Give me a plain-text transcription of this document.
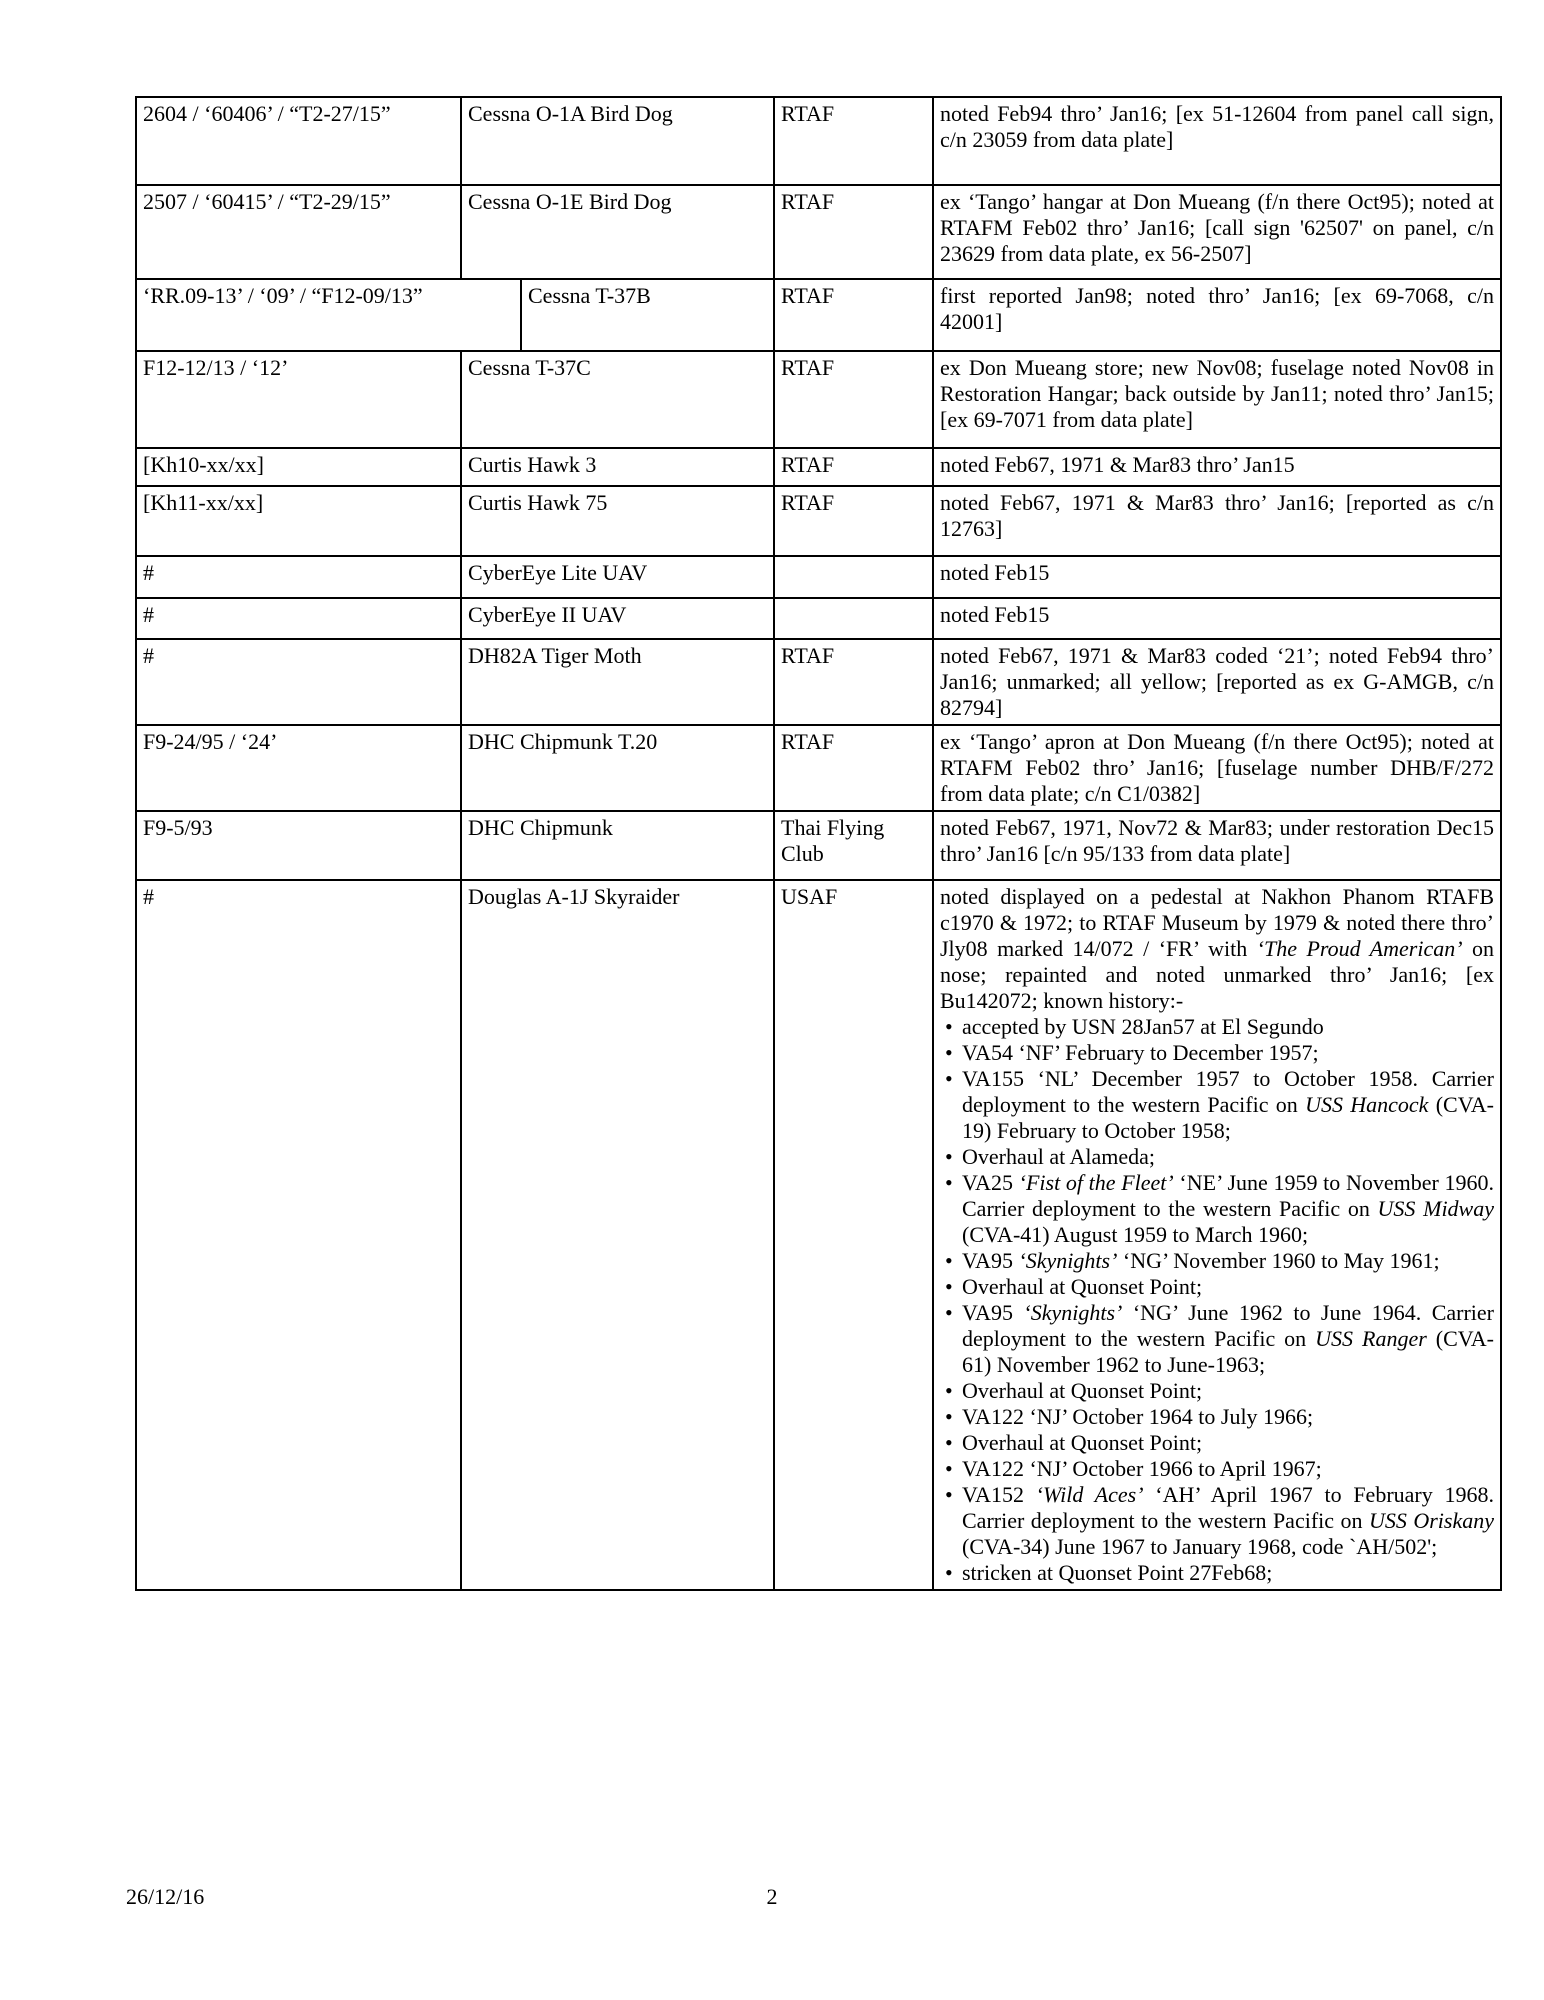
2604 / ‘60406’ / “T2-27/15”	Cessna O-1A Bird Dog		RTAF	noted Feb94 thro’ Jan16; [ex 51-12604 from panel call sign, c/n 23059 from data plate]

2507 / ‘60415’ / “T2-29/15”	Cessna O-1E Bird Dog		RTAF	ex ‘Tango’ hangar at Don Mueang (f/n there Oct95); noted at RTAFM Feb02 thro’ Jan16; [call sign '62507' on panel, c/n 23629 from data plate, ex 56-2507]

‘RR.09-13’ / ‘09’ / “F12-09/13”		Cessna T-37B	RTAF	first reported Jan98; noted thro’ Jan16; [ex 69-7068, c/n 42001]

F12-12/13 / ‘12’	Cessna T-37C		RTAF	ex Don Mueang store; new Nov08; fuselage noted Nov08 in Restoration Hangar; back outside by Jan11; noted thro’ Jan15; [ex 69-7071 from data plate]

[Kh10-xx/xx]	Curtis Hawk 3		RTAF	noted Feb67, 1971 & Mar83 thro’ Jan15

[Kh11-xx/xx]	Curtis Hawk 75		RTAF	noted Feb67, 1971 & Mar83 thro’ Jan16; [reported as c/n 12763]

#	CyberEye Lite UAV			noted Feb15

#	CyberEye II UAV			noted Feb15

#	DH82A Tiger Moth		RTAF	noted Feb67, 1971 & Mar83 coded ‘21’; noted Feb94 thro’ Jan16; unmarked; all yellow; [reported as ex G-AMGB, c/n 82794]

F9-24/95 / ‘24’	DHC Chipmunk T.20		RTAF	ex ‘Tango’ apron at Don Mueang (f/n there Oct95); noted at RTAFM Feb02 thro’ Jan16; [fuselage number DHB/F/272 from data plate; c/n C1/0382]

F9-5/93	DHC Chipmunk		Thai Flying Club	noted Feb67, 1971, Nov72 & Mar83; under restoration Dec15 thro’ Jan16 [c/n 95/133 from data plate]

#	Douglas A-1J Skyraider	USAF	noted displayed on a pedestal at Nakhon Phanom RTAFB c1970 & 1972; to RTAF Museum by 1979 & noted there thro’ Jly08 marked 14/072 / ‘FR’ with ‘The Proud American’ on nose; repainted and noted unmarked thro’ Jan16; [ex Bu142072; known history:-
• accepted by USN 28Jan57 at El Segundo
• VA54 ‘NF’ February to December 1957;
• VA155 ‘NL’ December 1957 to October 1958. Carrier deployment to the western Pacific on USS Hancock (CVA-19) February to October 1958;
• Overhaul at Alameda;
• VA25 ‘Fist of the Fleet’ ‘NE’ June 1959 to November 1960. Carrier deployment to the western Pacific on USS Midway (CVA-41) August 1959 to March 1960;
• VA95 ‘Skynights’ ‘NG’ November 1960 to May 1961;
• Overhaul at Quonset Point;
• VA95 ‘Skynights’ ‘NG’ June 1962 to June 1964. Carrier deployment to the western Pacific on USS Ranger (CVA-61) November 1962 to June-1963;
• Overhaul at Quonset Point;
• VA122 ‘NJ’ October 1964 to July 1966;
• Overhaul at Quonset Point;
• VA122 ‘NJ’ October 1966 to April 1967;
• VA152 ‘Wild Aces’ ‘AH’ April 1967 to February 1968. Carrier deployment to the western Pacific on USS Oriskany (CVA-34) June 1967 to January 1968, code `AH/502';
• stricken at Quonset Point 27Feb68;
26/12/16	2
